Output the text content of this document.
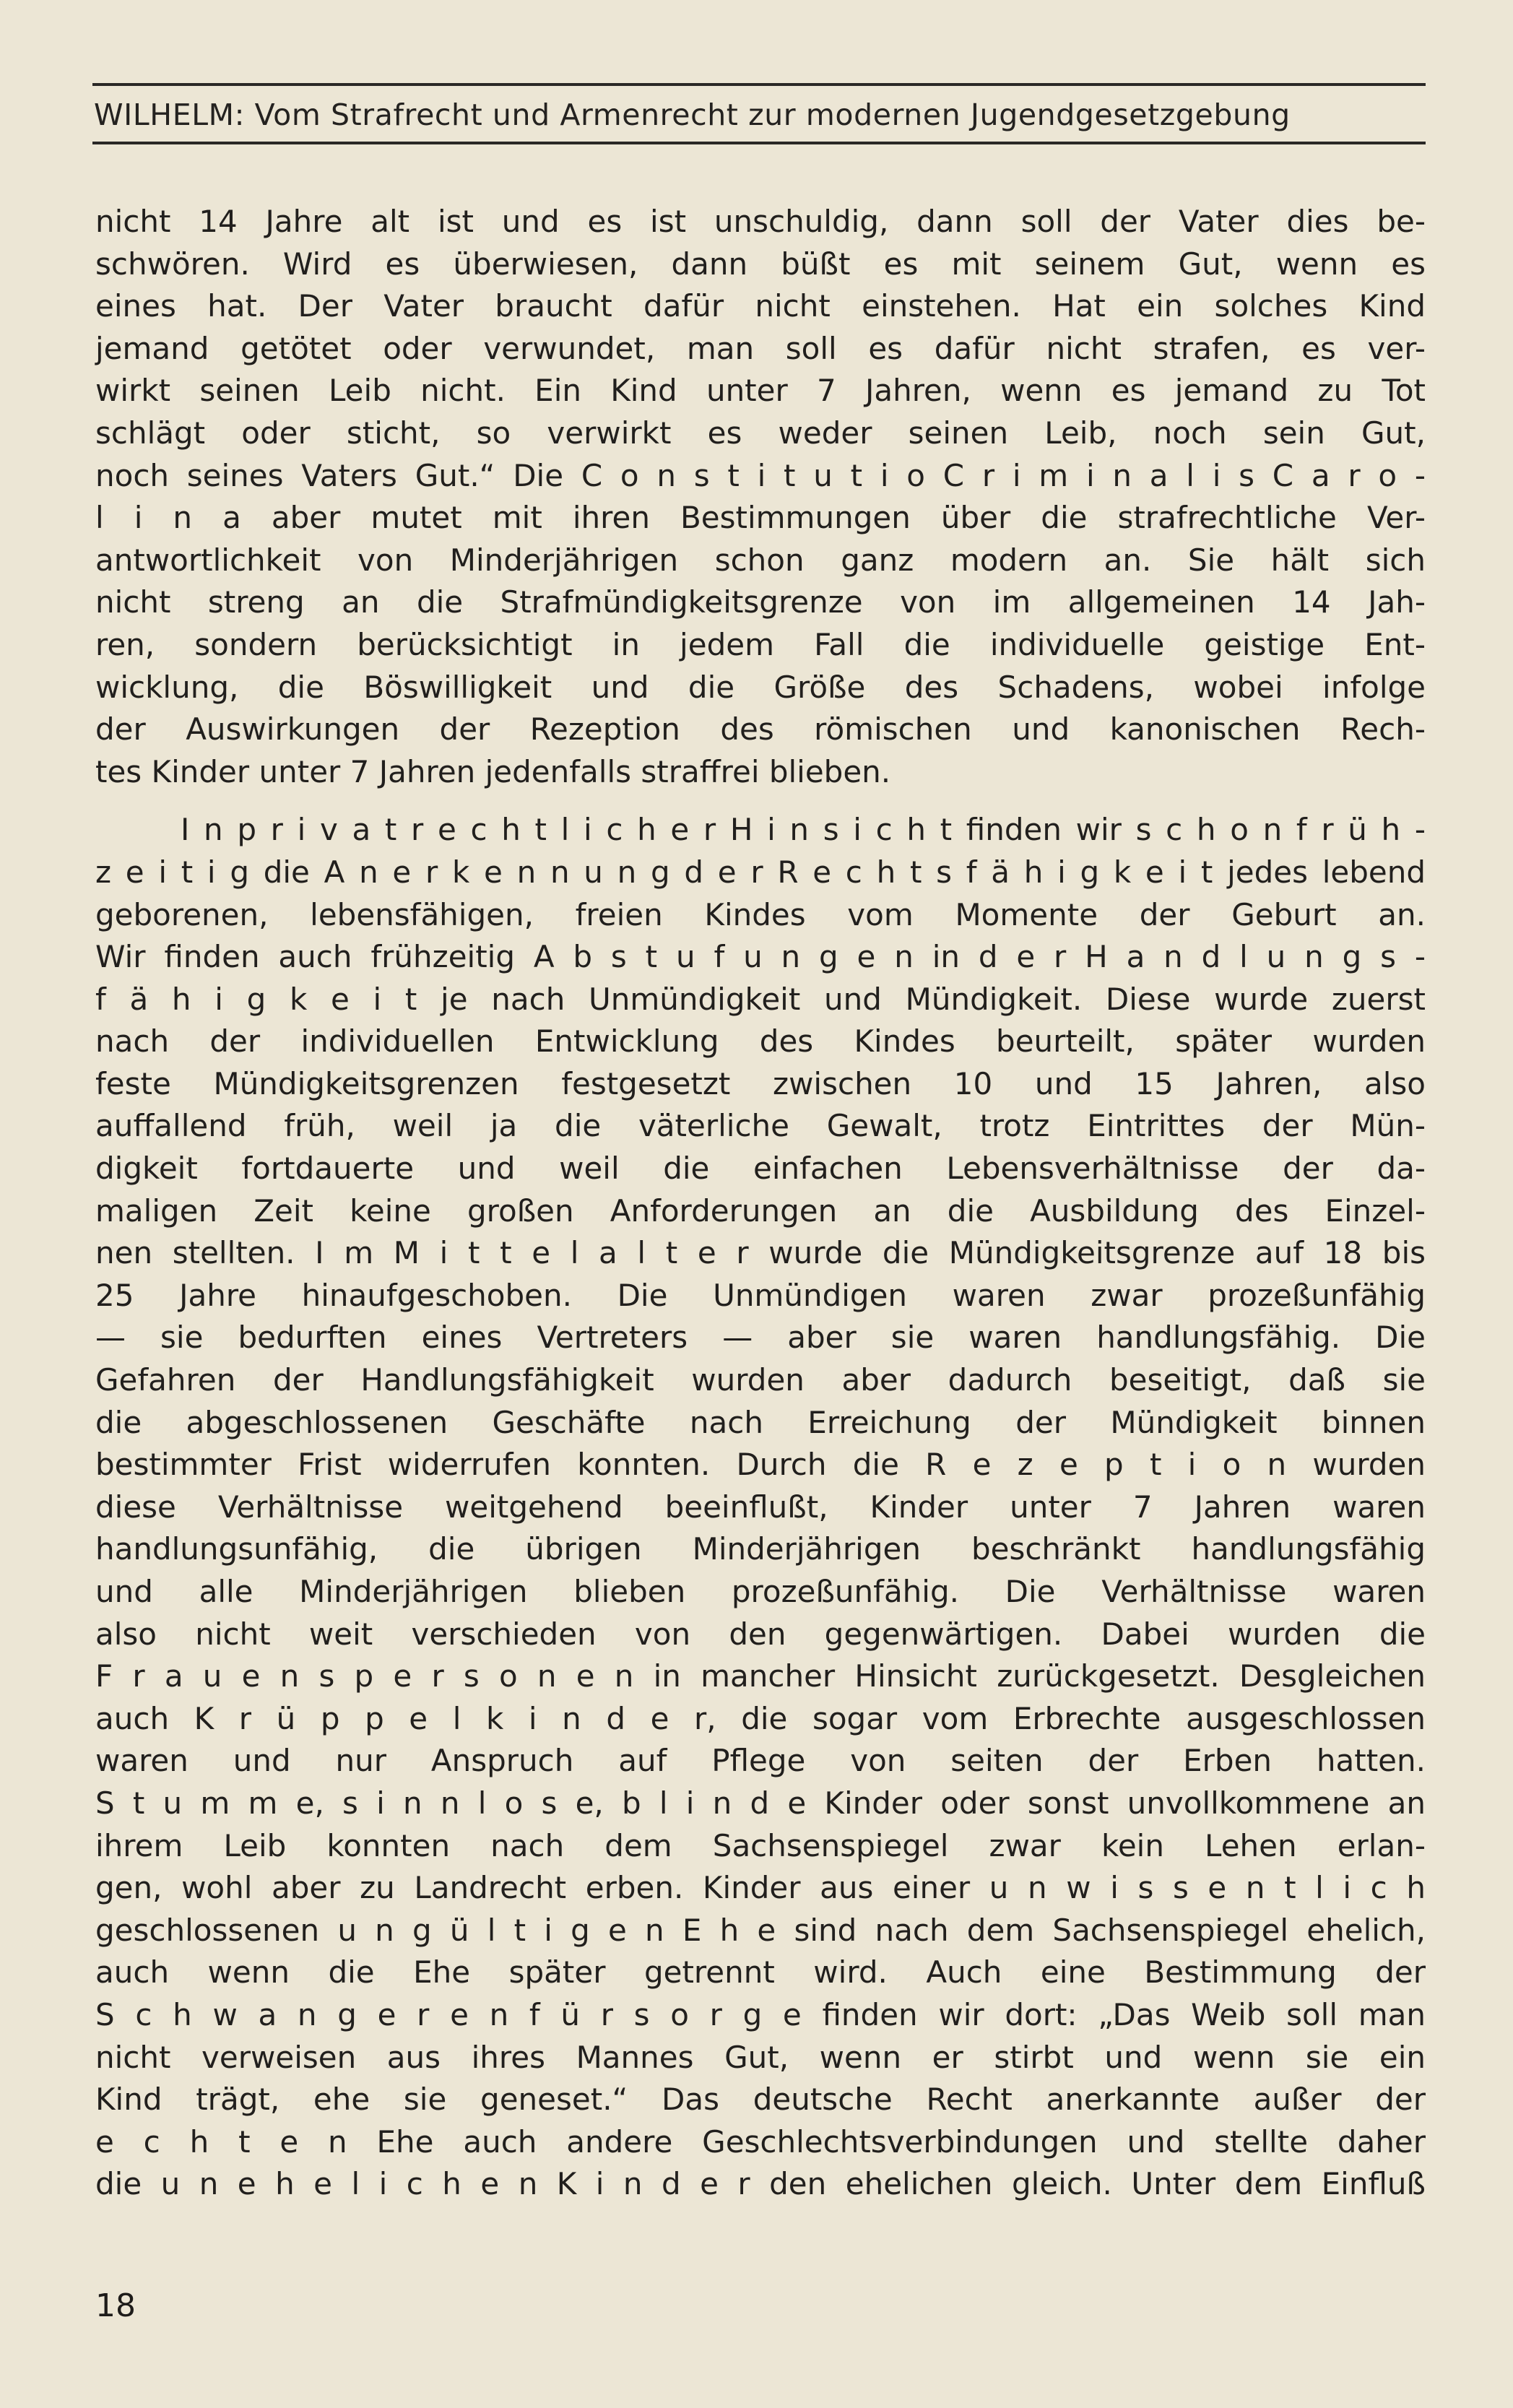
WILHELM: Vom Strafrecht und Armenrecht zur modernen Jugendgesetzgebung
nicht 14 Jahre alt ist und es ist unschuldig, dann soll der Vater dies be-
schwören. Wird es überwiesen, dann büßt es mit seinem Gut, wenn es
eines hat. Der Vater braucht dafür nicht einstehen. Hat ein solches Kind
jemand getötet oder verwundet, man soll es dafür nicht strafen, es ver-
wirkt seinen Leib nicht. Ein Kind unter 7 Jahren, wenn es jemand zu Tot
schlägt oder sticht, so verwirkt es weder seinen Leib, noch sein Gut,
noch seines Vaters Gut.“ Die C o n s t i t u t i o C r i m i n a l i s C a r o -
l i n a aber mutet mit ihren Bestimmungen über die strafrechtliche Ver-
antwortlichkeit von Minderjährigen schon ganz modern an. Sie hält sich
nicht streng an die Strafmündigkeitsgrenze von im allgemeinen 14 Jah-
ren, sondern berücksichtigt in jedem Fall die individuelle geistige Ent-
wicklung, die Böswilligkeit und die Größe des Schadens, wobei infolge
der Auswirkungen der Rezeption des römischen und kanonischen Rech-
tes Kinder unter 7 Jahren jedenfalls straffrei blieben.
I n p r i v a t r e c h t l i c h e r H i n s i c h t finden wir s c h o n f r ü h -
z e i t i g die A n e r k e n n u n g d e r R e c h t s f ä h i g k e i t jedes lebend
geborenen, lebensfähigen, freien Kindes vom Momente der Geburt an.
Wir finden auch frühzeitig A b s t u f u n g e n in d e r H a n d l u n g s -
f ä h i g k e i t je nach Unmündigkeit und Mündigkeit. Diese wurde zuerst
nach der individuellen Entwicklung des Kindes beurteilt, später wurden
feste Mündigkeitsgrenzen festgesetzt zwischen 10 und 15 Jahren, also
auffallend früh, weil ja die väterliche Gewalt, trotz Eintrittes der Mün-
digkeit fortdauerte und weil die einfachen Lebensverhältnisse der da-
maligen Zeit keine großen Anforderungen an die Ausbildung des Einzel-
nen stellten. I m M i t t e l a l t e r wurde die Mündigkeitsgrenze auf 18 bis
25 Jahre hinaufgeschoben. Die Unmündigen waren zwar prozeßunfähig
— sie bedurften eines Vertreters — aber sie waren handlungsfähig. Die
Gefahren der Handlungsfähigkeit wurden aber dadurch beseitigt, daß sie
die abgeschlossenen Geschäfte nach Erreichung der Mündigkeit binnen
bestimmter Frist widerrufen konnten. Durch die R e z e p t i o n wurden
diese Verhältnisse weitgehend beeinflußt, Kinder unter 7 Jahren waren
handlungsunfähig, die übrigen Minderjährigen beschränkt handlungsfähig
und alle Minderjährigen blieben prozeßunfähig. Die Verhältnisse waren
also nicht weit verschieden von den gegenwärtigen. Dabei wurden die
F r a u e n s p e r s o n e n in mancher Hinsicht zurückgesetzt. Desgleichen
auch K r ü p p e l k i n d e r, die sogar vom Erbrechte ausgeschlossen
waren und nur Anspruch auf Pflege von seiten der Erben hatten.
S t u m m e, s i n n l o s e, b l i n d e Kinder oder sonst unvollkommene an
ihrem Leib konnten nach dem Sachsenspiegel zwar kein Lehen erlan-
gen, wohl aber zu Landrecht erben. Kinder aus einer u n w i s s e n t l i c h
geschlossenen u n g ü l t i g e n E h e sind nach dem Sachsenspiegel ehelich,
auch wenn die Ehe später getrennt wird. Auch eine Bestimmung der
S c h w a n g e r e n f ü r s o r g e finden wir dort: „Das Weib soll man
nicht verweisen aus ihres Mannes Gut, wenn er stirbt und wenn sie ein
Kind trägt, ehe sie geneset.“ Das deutsche Recht anerkannte außer der
e c h t e n Ehe auch andere Geschlechtsverbindungen und stellte daher
die u n e h e l i c h e n K i n d e r den ehelichen gleich. Unter dem Einfluß
18
